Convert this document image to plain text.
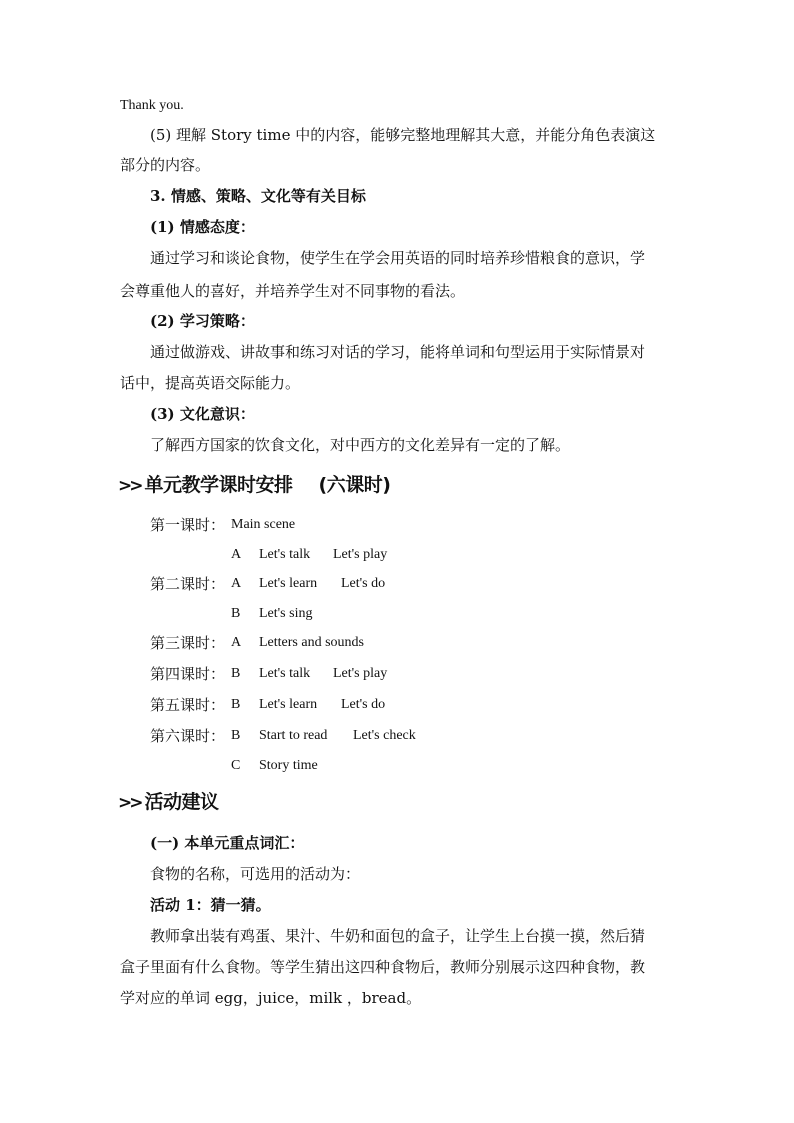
Thank you.
(5) 理解 Story time 中的内容，能够完整地理解其大意，并能分角色表演这
部分的内容。
3. 情感、策略、文化等有关目标
(1) 情感态度：
通过学习和谈论食物，使学生在学会用英语的同时培养珍惜粮食的意识，学
会尊重他人的喜好，并培养学生对不同事物的看法。
(2) 学习策略：
通过做游戏、讲故事和练习对话的学习，能将单词和句型运用于实际情景对
话中，提高英语交际能力。
(3) 文化意识：
了解西方国家的饮食文化，对中西方的文化差异有一定的了解。
>> 单元教学课时安排 (六课时)
第一课时： Main scene
A Let's talk Let's play
第二课时： A Let's learn Let's do
B Let's sing
第三课时： A Letters and sounds
第四课时： B Let's talk Let's play
第五课时： B Let's learn Let's do
第六课时： B Start to read Let's check
C Story time
>> 活动建议
(一) 本单元重点词汇：
食物的名称，可选用的活动为：
活动 1：猜一猜。
教师拿出装有鸡蛋、果汁、牛奶和面包的盒子，让学生上台摸一摸，然后猜
盒子里面有什么食物。等学生猜出这四种食物后，教师分别展示这四种食物，教
学对应的单词 egg，juice，milk ，bread。
